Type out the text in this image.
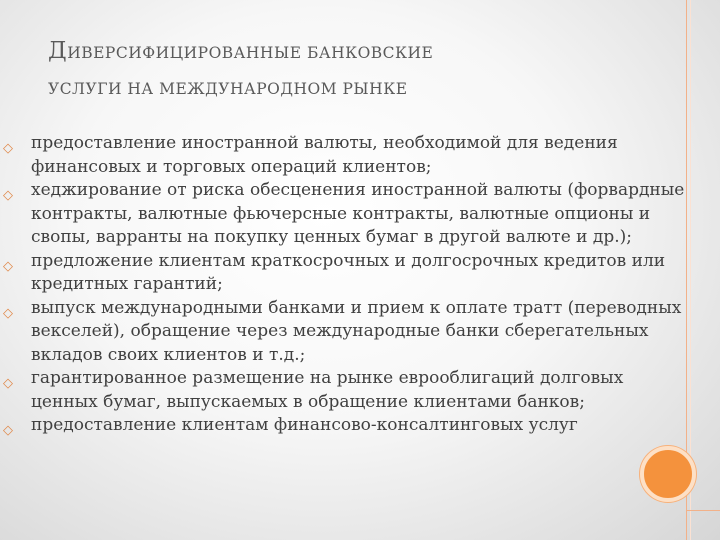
ДИВЕРСИФИЦИРОВАННЫЕ БАНКОВСКИЕ
УСЛУГИ НА МЕЖДУНАРОДНОМ РЫНКЕ
◇ предоставление иностранной валюты, необходимой для ведения финансовых и торговых операций клиентов;
◇ хеджирование от риска обесценения иностранной валюты (форвардные контракты, валютные фьючерсные контракты, валютные опционы и свопы, варранты на покупку ценных бумаг в другой валюте и др.);
◇ предложение клиентам краткосрочных и долгосрочных кредитов или кредитных гарантий;
◇ выпуск международными банками и прием к оплате тратт (переводных векселей), обращение через международные банки сберегательных вкладов своих клиентов и т.д.;
◇ гарантированное размещение на рынке еврооблигаций долговых ценных бумаг, выпускаемых в обращение клиентами банков;
◇ предоставление клиентам финансово-консалтинговых услуг
